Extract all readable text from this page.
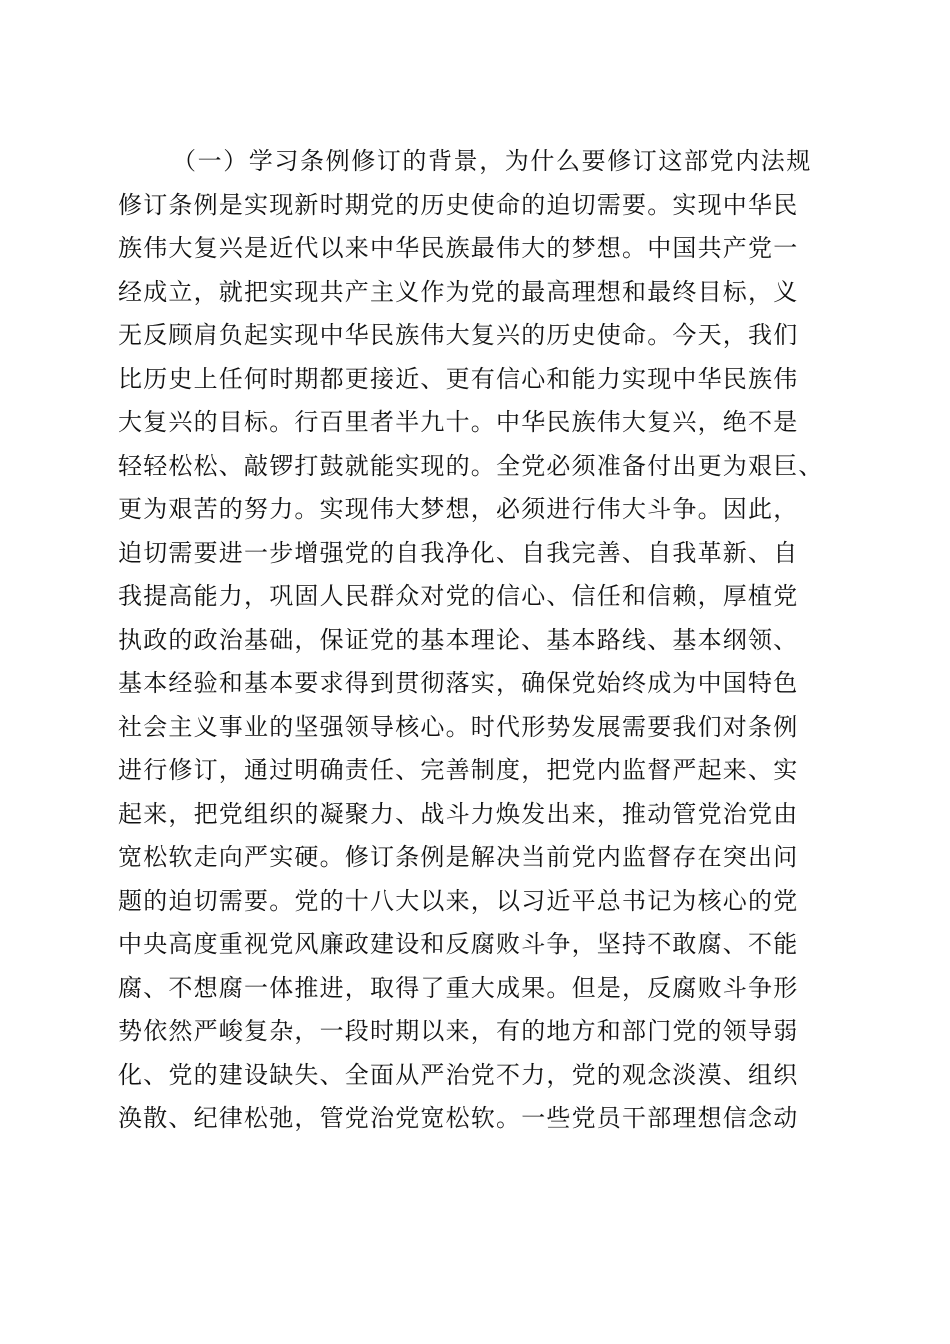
（一）学习条例修订的背景，为什么要修订这部党内法规
修订条例是实现新时期党的历史使命的迫切需要。实现中华民
族伟大复兴是近代以来中华民族最伟大的梦想。中国共产党一
经成立，就把实现共产主义作为党的最高理想和最终目标，义
无反顾肩负起实现中华民族伟大复兴的历史使命。今天，我们
比历史上任何时期都更接近、更有信心和能力实现中华民族伟
大复兴的目标。行百里者半九十。中华民族伟大复兴，绝不是
轻轻松松、敲锣打鼓就能实现的。全党必须准备付出更为艰巨、
更为艰苦的努力。实现伟大梦想，必须进行伟大斗争。因此，
迫切需要进一步增强党的自我净化、自我完善、自我革新、自
我提高能力，巩固人民群众对党的信心、信任和信赖，厚植党
执政的政治基础，保证党的基本理论、基本路线、基本纲领、
基本经验和基本要求得到贯彻落实，确保党始终成为中国特色
社会主义事业的坚强领导核心。时代形势发展需要我们对条例
进行修订，通过明确责任、完善制度，把党内监督严起来、实
起来，把党组织的凝聚力、战斗力焕发出来，推动管党治党由
宽松软走向严实硬。修订条例是解决当前党内监督存在突出问
题的迫切需要。党的十八大以来，以习近平总书记为核心的党
中央高度重视党风廉政建设和反腐败斗争，坚持不敢腐、不能
腐、不想腐一体推进，取得了重大成果。但是，反腐败斗争形
势依然严峻复杂，一段时期以来，有的地方和部门党的领导弱
化、党的建设缺失、全面从严治党不力，党的观念淡漠、组织
涣散、纪律松弛，管党治党宽松软。一些党员干部理想信念动
